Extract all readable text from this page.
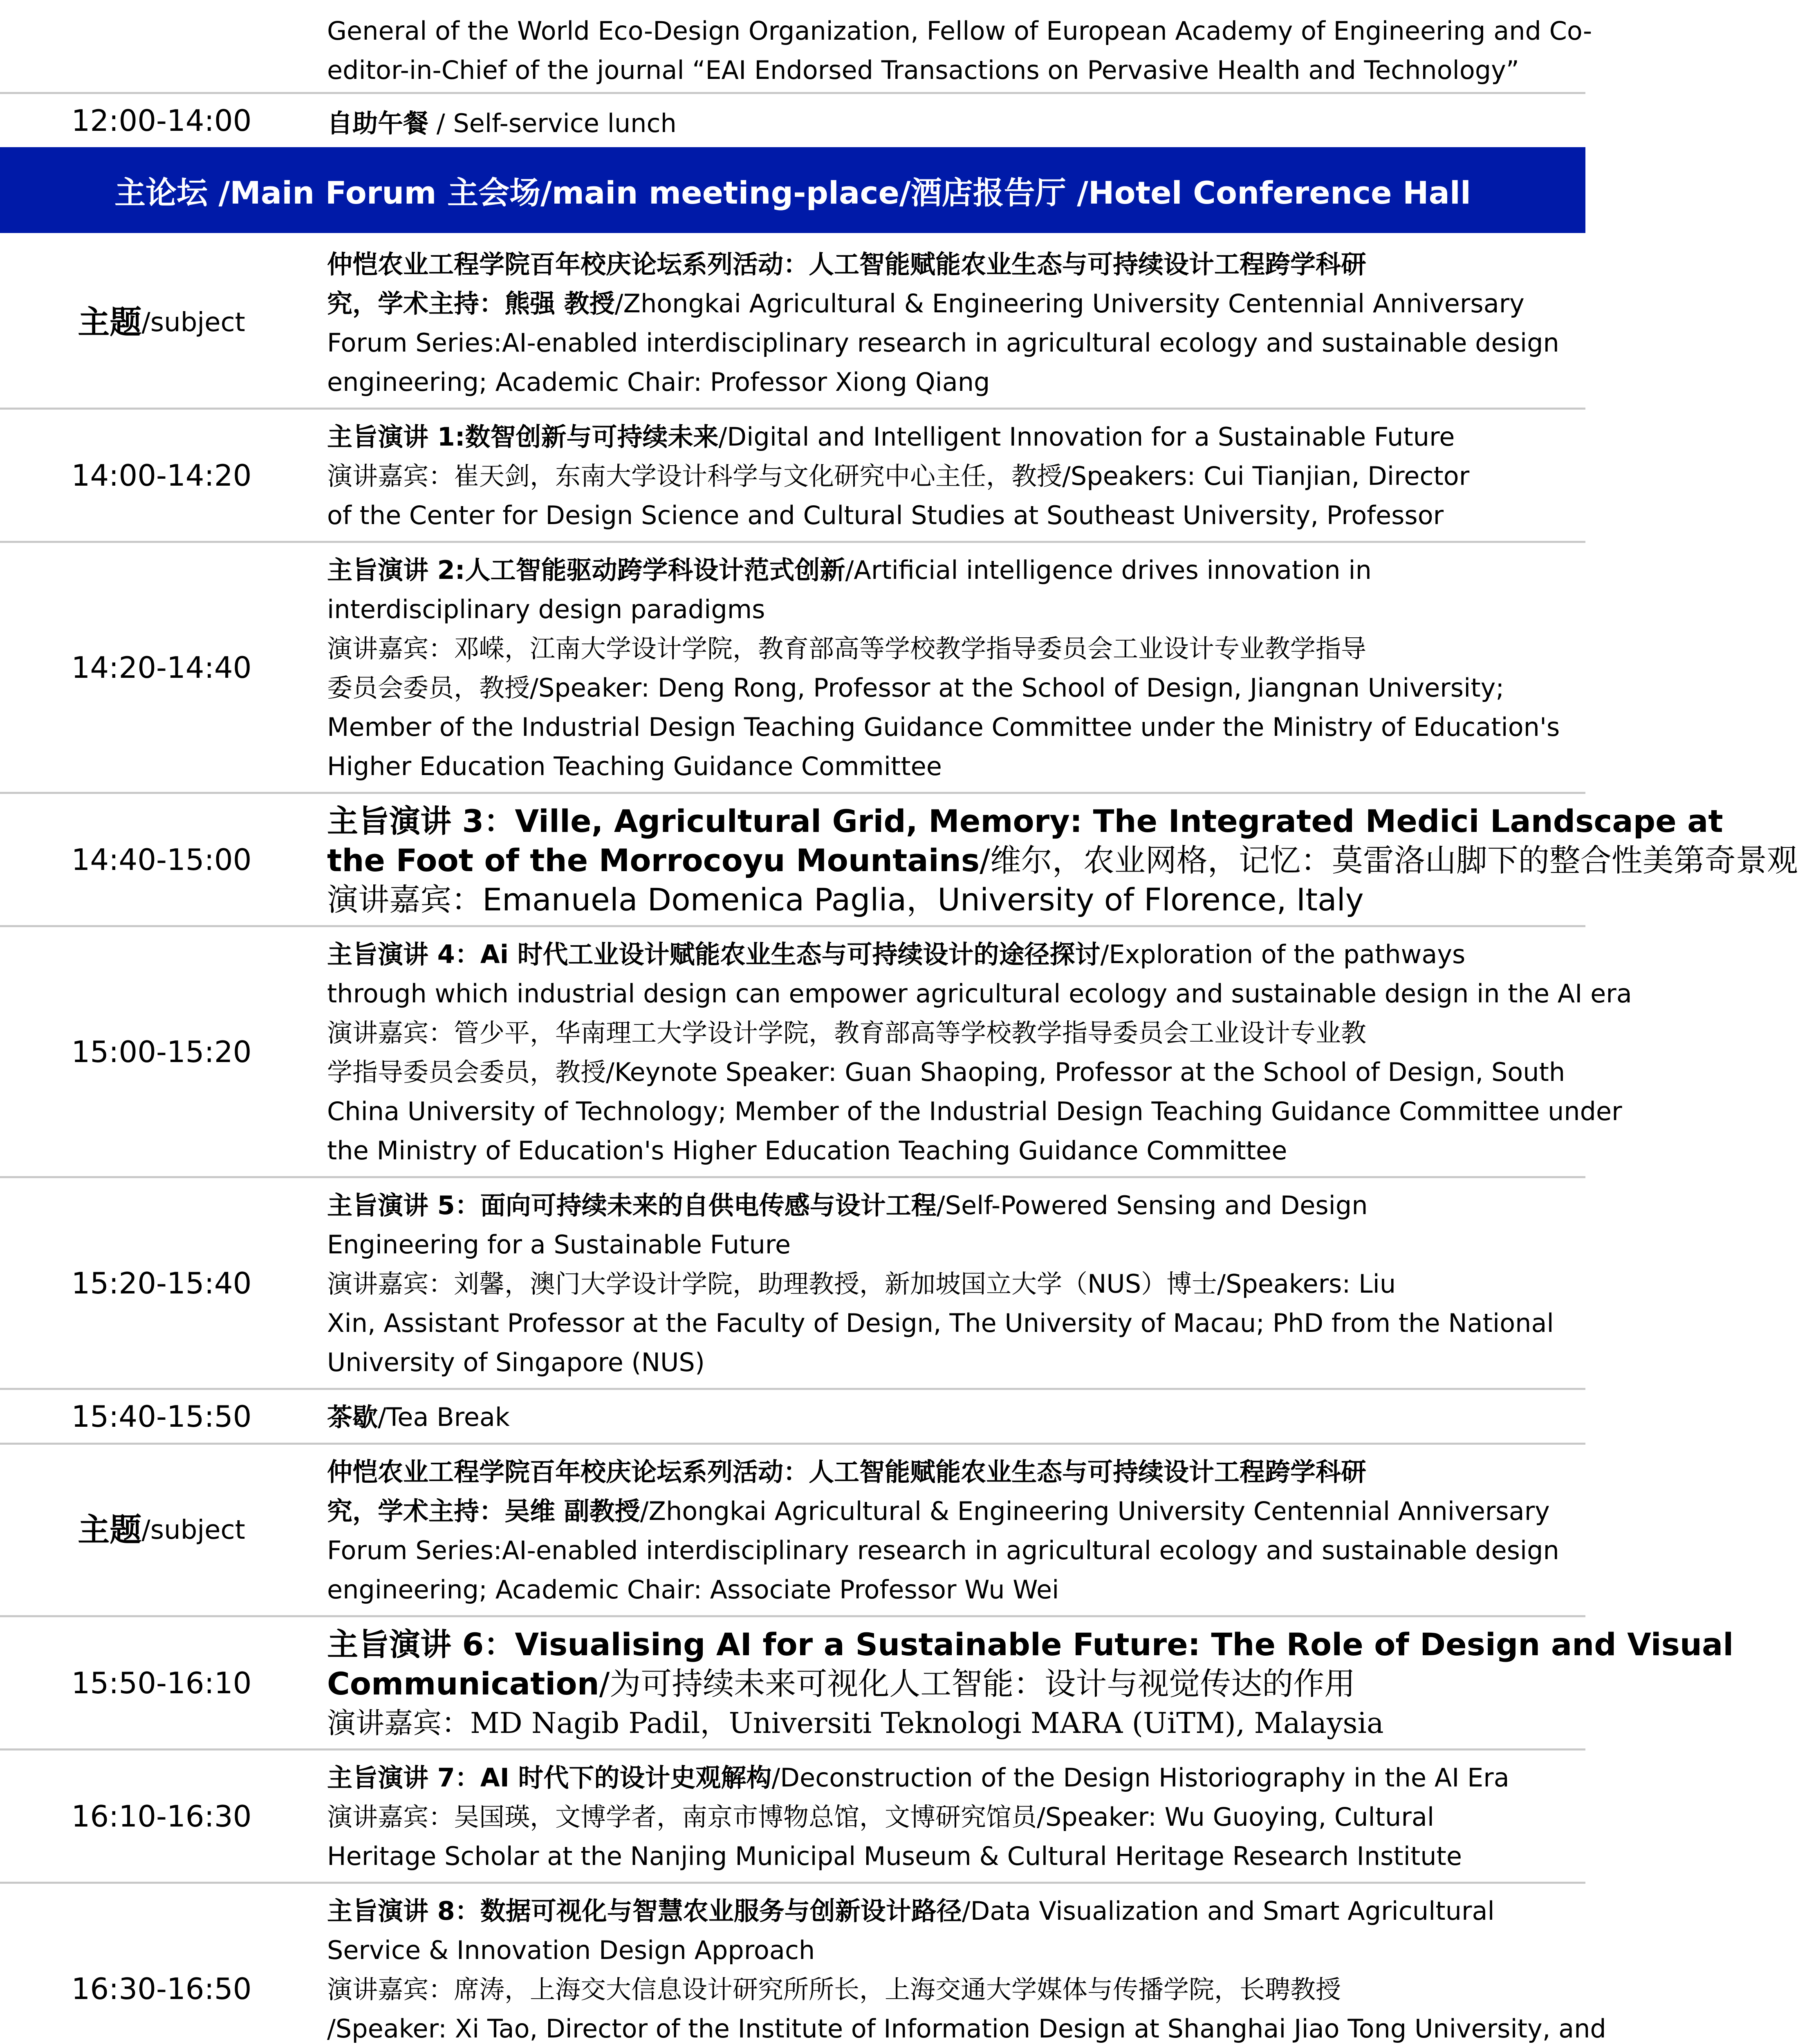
General of the World Eco-Design Organization, Fellow of European Academy of Engineering and Co-
editor-in-Chief of the journal “EAI Endorsed Transactions on Pervasive Health and Technology”
12:00-14:00	自助午餐 / Self-service lunch
主论坛 /Main Forum 主会场/main meeting-place/酒店报告厅 /Hotel Conference Hall
主题 /subject
仲恺农业工程学院百年校庆论坛系列活动：人工智能赋能农业生态与可持续设计工程跨学科研
究，学术主持：熊强 教授/Zhongkai Agricultural & Engineering University Centennial Anniversary
Forum Series:AI-enabled interdisciplinary research in agricultural ecology and sustainable design
engineering; Academic Chair: Professor Xiong Qiang
14:00-14:20
主旨演讲 1:数智创新与可持续未来/Digital and Intelligent Innovation for a Sustainable Future
演讲嘉宾：崔天剑，东南大学设计科学与文化研究中心主任，教授/Speakers: Cui Tianjian, Director
of the Center for Design Science and Cultural Studies at Southeast University, Professor
14:20-14:40
主旨演讲 2:人工智能驱动跨学科设计范式创新/Artificial intelligence drives innovation in
interdisciplinary design paradigms
演讲嘉宾：邓嵘，江南大学设计学院，教育部高等学校教学指导委员会工业设计专业教学指导
委员会委员，教授/Speaker: Deng Rong, Professor at the School of Design, Jiangnan University;
Member of the Industrial Design Teaching Guidance Committee under the Ministry of Education's
Higher Education Teaching Guidance Committee
14:40-15:00
主旨演讲 3：Ville, Agricultural Grid, Memory: The Integrated Medici Landscape at
the Foot of the Morrocoyu Mountains/维尔，农业网格，记忆：莫雷洛山脚下的整合性美第奇景观
演讲嘉宾：Emanuela Domenica Paglia，University of Florence, Italy
15:00-15:20
主旨演讲 4：Ai 时代工业设计赋能农业生态与可持续设计的途径探讨/Exploration of the pathways
through which industrial design can empower agricultural ecology and sustainable design in the AI era
演讲嘉宾：管少平，华南理工大学设计学院，教育部高等学校教学指导委员会工业设计专业教
学指导委员会委员，教授/Keynote Speaker: Guan Shaoping, Professor at the School of Design, South
China University of Technology; Member of the Industrial Design Teaching Guidance Committee under
the Ministry of Education's Higher Education Teaching Guidance Committee
15:20-15:40
主旨演讲 5：面向可持续未来的自供电传感与设计工程/Self-Powered Sensing and Design
Engineering for a Sustainable Future
演讲嘉宾：刘馨，澳门大学设计学院，助理教授，新加坡国立大学（NUS）博士/Speakers: Liu
Xin, Assistant Professor at the Faculty of Design, The University of Macau; PhD from the National
University of Singapore (NUS)
15:40-15:50	茶歇/Tea Break
主题 /subject
仲恺农业工程学院百年校庆论坛系列活动：人工智能赋能农业生态与可持续设计工程跨学科研
究，学术主持：吴维 副教授/Zhongkai Agricultural & Engineering University Centennial Anniversary
Forum Series:AI-enabled interdisciplinary research in agricultural ecology and sustainable design
engineering; Academic Chair: Associate Professor Wu Wei
15:50-16:10
主旨演讲 6：Visualising AI for a Sustainable Future: The Role of Design and Visual
Communication/为可持续未来可视化人工智能：设计与视觉传达的作用
演讲嘉宾：MD Nagib Padil，Universiti Teknologi MARA (UiTM), Malaysia
16:10-16:30
主旨演讲 7：AI 时代下的设计史观解构/Deconstruction of the Design Historiography in the AI Era
演讲嘉宾：吴国瑛，文博学者，南京市博物总馆，文博研究馆员/Speaker: Wu Guoying, Cultural
Heritage Scholar at the Nanjing Municipal Museum & Cultural Heritage Research Institute
16:30-16:50
主旨演讲 8：数据可视化与智慧农业服务与创新设计路径/Data Visualization and Smart Agricultural
Service & Innovation Design Approach
演讲嘉宾：席涛，上海交大信息设计研究所所长，上海交通大学媒体与传播学院，长聘教授
/Speaker: Xi Tao, Director of the Institute of Information Design at Shanghai Jiao Tong University, and
